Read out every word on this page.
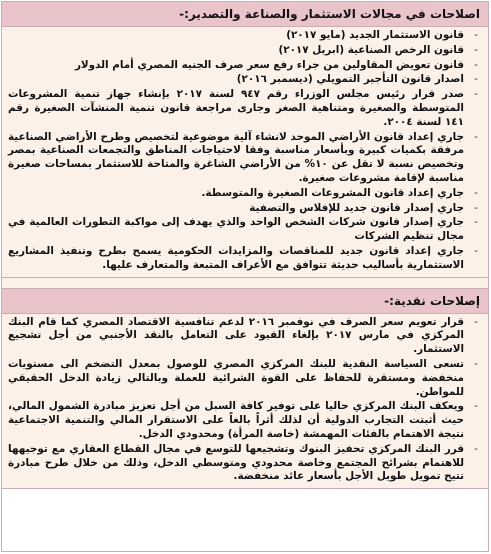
اصلاحات في مجالات الاستثمار والصناعة والتصدير:-
-
قانون الاستثمار الجديد (مايو ٢٠١٧)
-
قانون الرخص الصناعية (ابريل ٢٠١٧)
-
قانون تعويض المقاولين من جراء رفع سعر صرف الجنيه المصري أمام الدولار
-
اصدار قانون التأجير التمويلي (ديسمبر ٢٠١٦)
-
صدر قرار رئيس مجلس الوزراء رقم ٩٤٧ لسنة ٢٠١٧ بإنشاء جهاز تنمية المشروعات المتوسطة والصغيرة ومتناهية الصغر وجارى مراجعة قانون تنمية المنشآت الصغيرة رقم ١٤١ لسنة ٢٠٠٤.
-
جاري إعداد قانون الأراضي الموحد لانشاء آلية موضوعية لتخصيص وطرح الأراضي الصناعية مرفقة بكميات كبيرة وبأسعار مناسبة وفقا لاحتياجات المناطق والتجمعات الصناعية بمصر وتخصيص نسبة لا تقل عن ١٠% من الأراضي الشاغرة والمتاحة للاستثمار بمساحات صغيرة مناسبة لإقامة مشروعات صغيرة.
-
جاري إعداد قانون المشروعات الصغيرة والمتوسطة.
-
جاري إصدار قانون جديد للإفلاس والتصفية
-
جاري إصدار قانون شركات الشخص الواحد والذي يهدف إلى مواكبة التطورات العالمية في مجال تنظيم الشركات
-
جاري إعداد قانون جديد للمناقصات والمزايدات الحكومية يسمح بطرح وتنفيذ المشاريع الاستثمارية بأساليب حديثة تتوافق مع الأعراف المتبعة والمتعارف عليها.
إصلاحات نقدية:-
-
قرار تعويم سعر الصرف في نوفمبر ٢٠١٦ لدعم تنافسية الاقتصاد المصري كما قام البنك المركزي في مارس ٢٠١٧ بإلغاء القيود على التعامل بالنقد الأجنبي من أجل تشجيع الاستثمار.
-
تسعى السياسة النقدية للبنك المركزي المصري للوصول بمعدل التضخم الى مستويات منخفضة ومستقرة للحفاظ على القوة الشرائية للعملة وبالتالي زيادة الدخل الحقيقي للمواطن.
-
ويعكف البنك المركزي حاليا على توفير كافة السبل من أجل تعزيز مبادرة الشمول المالي، حيث أثبتت التجارب الدولية أن لذلك أثراً بالغاً على الاستقرار المالي والتنمية الاجتماعية نتيجة الاهتمام بالفئات المهمشة (خاصة المرأة) ومحدودي الدخل.
-
قرر البنك المركزي تحفيز البنوك وتشجيعها للتوسع في مجال القطاع العقاري مع توجيهها للاهتمام بشرائح المجتمع وخاصة محدودي ومتوسطي الدخل، وذلك من خلال طرح مبادرة تتيح تمويل طويل الأجل بأسعار عائد منخفضة.
